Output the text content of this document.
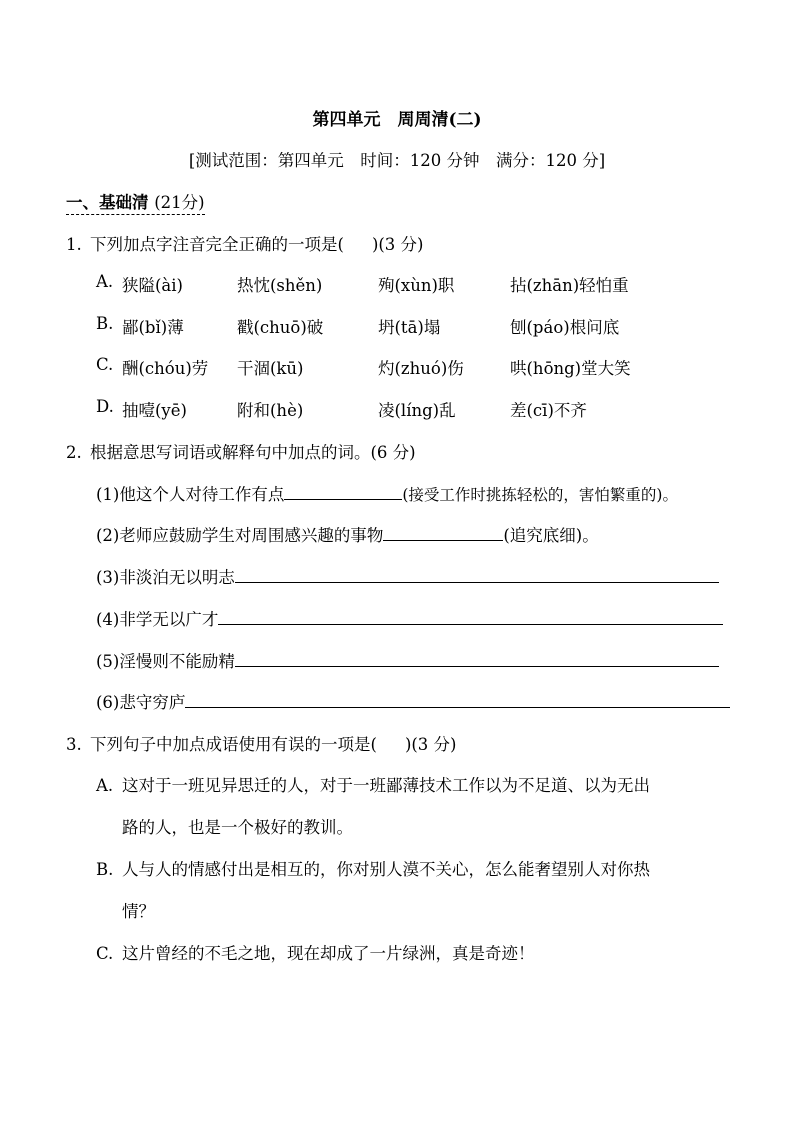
第四单元　周周清(二)
[测试范围：第四单元　时间：120 分钟　满分：120 分]
一、基础清 (21分)
1. 下列加点字注音完全正确的一项是( )(3 分)
A. 狭隘(ài)	热忱(shěn)	殉(xùn)职	拈(zhān)轻怕重
B. 鄙(bǐ)薄	戳(chuō)破	坍(tā)塌	刨(páo)根问底
C. 酬(chóu)劳 干涸(kū)	灼(zhuó)伤	哄(hōng)堂大笑
D. 抽噎(yē)	附和(hè)	凌(líng)乱	差(cī)不齐
2. 根据意思写词语或解释句中加点的词。(6 分)
(1)他这个人对待工作有点	(接受工作时挑拣轻松的，害怕繁重的)。
(2)老师应鼓励学生对周围感兴趣的事物	(追究底细)。
(3)非淡泊无以明志
(4)非学无以广才
(5)淫慢则不能励精
(6)悲守穷庐
3. 下列句子中加点成语使用有误的一项是( )(3 分)
A. 这对于一班见异思迁的人，对于一班鄙薄技术工作以为不足道、以为无出
路的人，也是一个极好的教训。
B. 人与人的情感付出是相互的，你对别人漠不关心，怎么能奢望别人对你热
情？
C. 这片曾经的不毛之地，现在却成了一片绿洲，真是奇迹！
